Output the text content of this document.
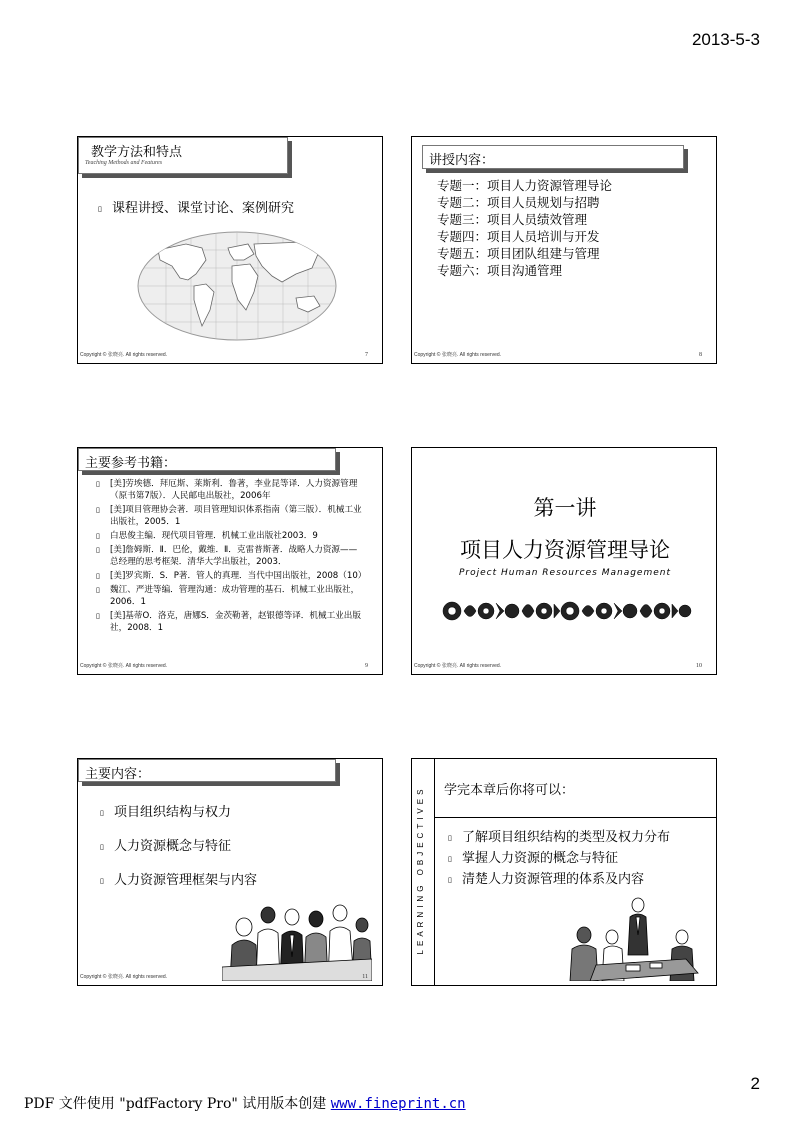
2013-5-3
教学方法和特点
Teaching Methods and Features
▯ 课程讲授、课堂讨论、案例研究
Copyright © 张晓亮. All rights reserved.	7
讲授内容：
专题一：项目人力资源管理导论
专题二：项目人员规划与招聘
专题三：项目人员绩效管理
专题四：项目人员培训与开发
专题五：项目团队组建与管理
专题六：项目沟通管理
Copyright © 张晓亮. All rights reserved.	8
主要参考书籍：
▯	[美]劳埃德．拜厄斯、莱斯利．鲁著，李业昆等译．人力资源管理（原书第7版）．人民邮电出版社，2006年
▯	[美]项目管理协会著．项目管理知识体系指南（第三版）．机械工业出版社，2005．1
▯	白思俊主编．现代项目管理．机械工业出版社2003．9
▯	[美]詹姆斯．Ⅱ．巴伦，戴维．Ⅱ．克雷普斯著．战略人力资源——总经理的思考框架．清华大学出版社，2003．
▯	[美]罗宾斯．S．P著．管人的真理．当代中国出版社，2008（10）
▯	魏江、严进等编．管理沟通：成功管理的基石．机械工业出版社，2006．1
▯	[美]基蒂O．洛克，唐娜S．金茨勒著，赵银德等译．机械工业出版社，2008．1
Copyright © 张晓亮. All rights reserved.	9
第一讲
项目人力资源管理导论
Project Human Resources Management
Copyright © 张晓亮. All rights reserved.	10
主要内容：
▯ 项目组织结构与权力
▯ 人力资源概念与特征
▯ 人力资源管理框架与内容
Copyright © 张晓亮. All rights reserved.	11
LEARNING OBJECTIVES	学完本章后你将可以：
▯ 了解项目组织结构的类型及权力分布
▯ 掌握人力资源的概念与特征
▯ 清楚人力资源管理的体系及内容
2
PDF 文件使用 "pdfFactory Pro" 试用版本创建 www.fineprint.cn
